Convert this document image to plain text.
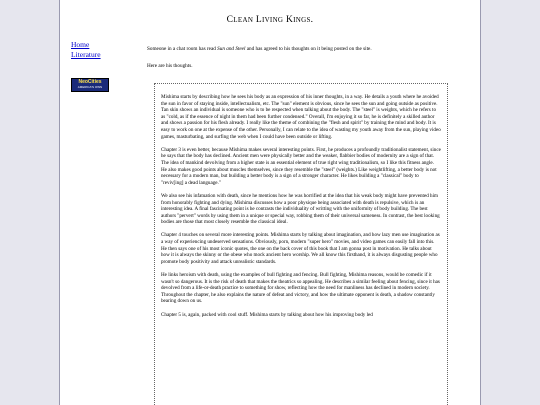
Clean Living Kings.
Home
Literature
NeoCities
AMERICA'S OWN

Someone in a chat room has read Sun and Steel and has agreed to his thoughts on it being posted on the site.

Here are his thoughts.

Mishima starts by describing how he sees his body as an expression of his inner thoughts, in a way. He details a youth where he avoided the sun in favor of staying inside, intellectualism, etc. The "sun" element is obvious, since he sees the sun and going outside as positive. Tan skin shows an individual is someone who is to be respected when talking about the body. The "steel" is weights, which he refers to as "cold, as if the essence of night in them had been further condensed." Overall, I'm enjoying it so far, he is definitely a skilled author and shows a passion for his flesh already. I really like the theme of combining the "flesh and spirit" by training the mind and body. It is easy to work on one at the expense of the other. Personally, I can relate to the idea of wasting my youth away from the sun, playing video games, masturbating, and surfing the web when I could have been outside or lifting.

Chapter 3 is even better, because Mishima makes several interesting points. First, he produces a profoundly traditionalist statement, since he says that the body has declined. Ancient men were physically better and the weaker, flabbier bodies of modernity are a sign of that. The idea of mankind devolving from a higher state is an essential element of true right wing traditionalism, so I like this fitness angle. He also makes good points about muscles themselves, since they resemble the "steel" (weights.) Like weightlifting, a better body is not necessary for a modern man, but building a better body is a sign of a stronger character. He likes building a "classical" body to "reviv[ing] a dead language."

We also see his infatuation with death, since he mentions how he was horrified at the idea that his weak body might have prevented him from honorably fighting and dying. Mishima discusses how a poor physique being associated with death is repulsive, which is an interesting idea. A final fascinating point is he contrasts the individuality of writting with the uniformity of body building. The best authors "pervert" words by using them in a unique or special way, robbing them of their universal sameness. In contrast, the best looking bodies are those that most closely resemble the classical ideal.

Chapter 4 touches on several more interesting points. Mishima starts by talking about imagination, and how lazy men use imagination as a way of experiencing undeserved sensations. Obviously, porn, modern "super hero" movies, and video games can easily fall into this. He then says one of his most iconic quotes, the one on the back cover of this book that I am gonna post in motivation. He talks about how it is always the skinny or the obese who mock ancient hero worship. We all know this firsthand, it is always disgusting people who promote body positivity and attack unrealistic standards.

He links heroism with death, using the examples of bull fighting and fencing. Bull fighting, Mishima reasons, would be comedic if it wasn't so dangerous. It is the risk of death that makes the theatrics so appealing. He describes a similar feeling about fencing, since it has devolved from a life-or-death practice to something for show, reflecting how the need for manliness has declined in modern society. Throughout the chapter, he also explains the nature of defeat and victory, and how the ultimate opponent is death, a shadow constantly bearing down on us.

Chapter 5 is, again, packed with cool stuff. Mishima starts by talking about how his improving body led
